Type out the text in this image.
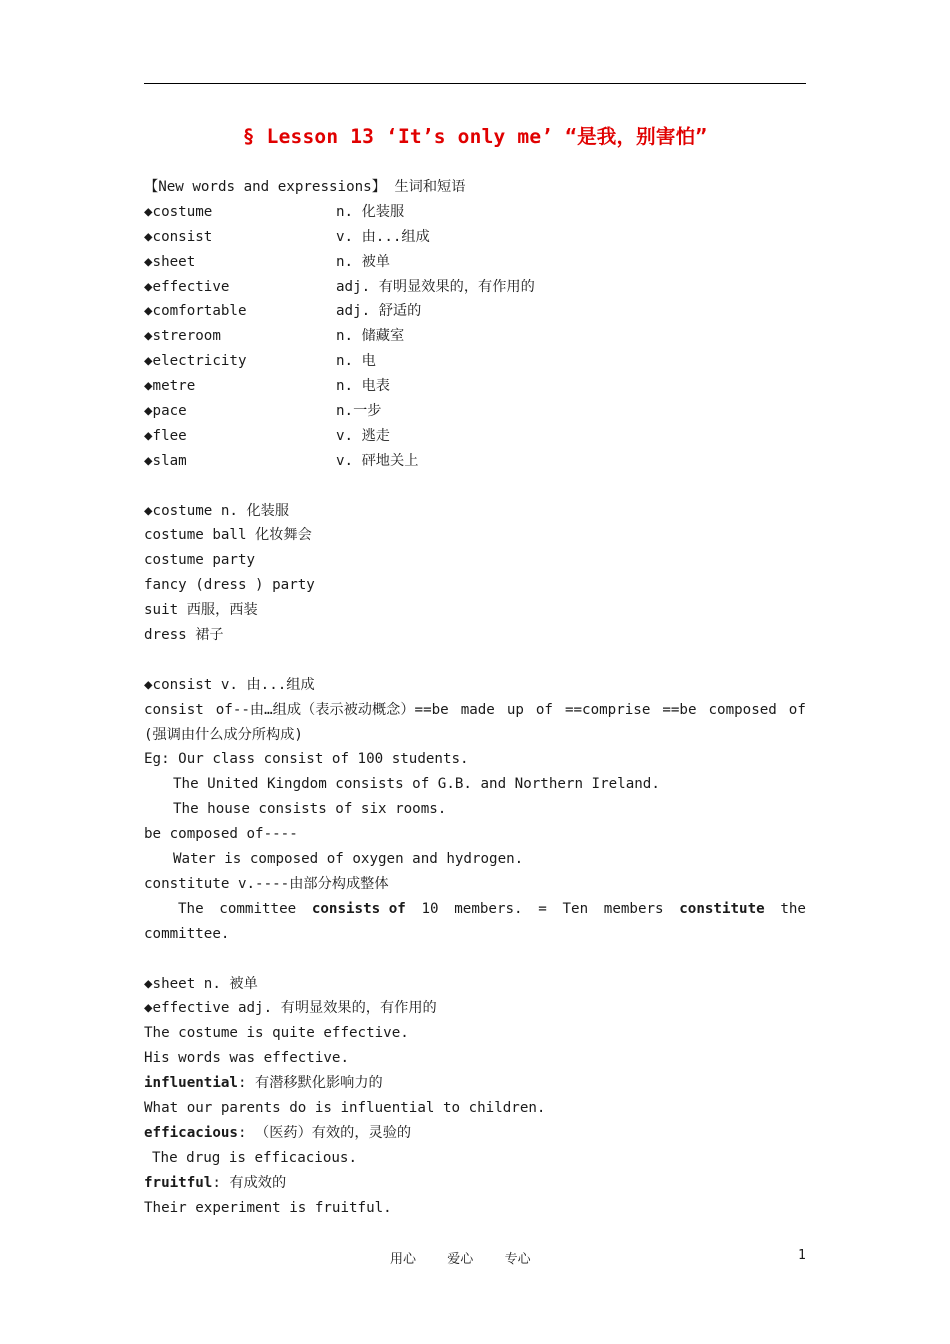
§ Lesson 13 ‘It’s only me’ “是我，别害怕”
【New words and expressions】 生词和短语
◆costume	n. 化装服
◆consist	v. 由...组成
◆sheet	n. 被单
◆effective	adj. 有明显效果的，有作用的
◆comfortable	adj. 舒适的
◆streroom	n. 储藏室
◆electricity	n. 电
◆metre	n. 电表
◆pace	n.一步
◆flee	v. 逃走
◆slam	v. 砰地关上
◆costume n. 化装服
costume ball 化妆舞会
costume party
fancy (dress ) party
suit 西服，西装
dress 裙子
◆consist v. 由...组成
consist of--由…组成（表示被动概念）==be made up of ==comprise ==be composed of
(强调由什么成分所构成)
Eg: Our class consist of 100 students.
The United Kingdom consists of G.B. and Northern Ireland.
The house consists of six rooms.
be composed of----
Water is composed of oxygen and hydrogen.
constitute v.----由部分构成整体
The committee consists of 10 members. = Ten members constitute the
committee.
◆sheet n. 被单
◆effective adj. 有明显效果的，有作用的
The costume is quite effective.
His words was effective.
influential: 有潜移默化影响力的
What our parents do is influential to children.
efficacious: （医药）有效的，灵验的
The drug is efficacious.
fruitful: 有成效的
Their experiment is fruitful.
用心    爱心    专心	1
